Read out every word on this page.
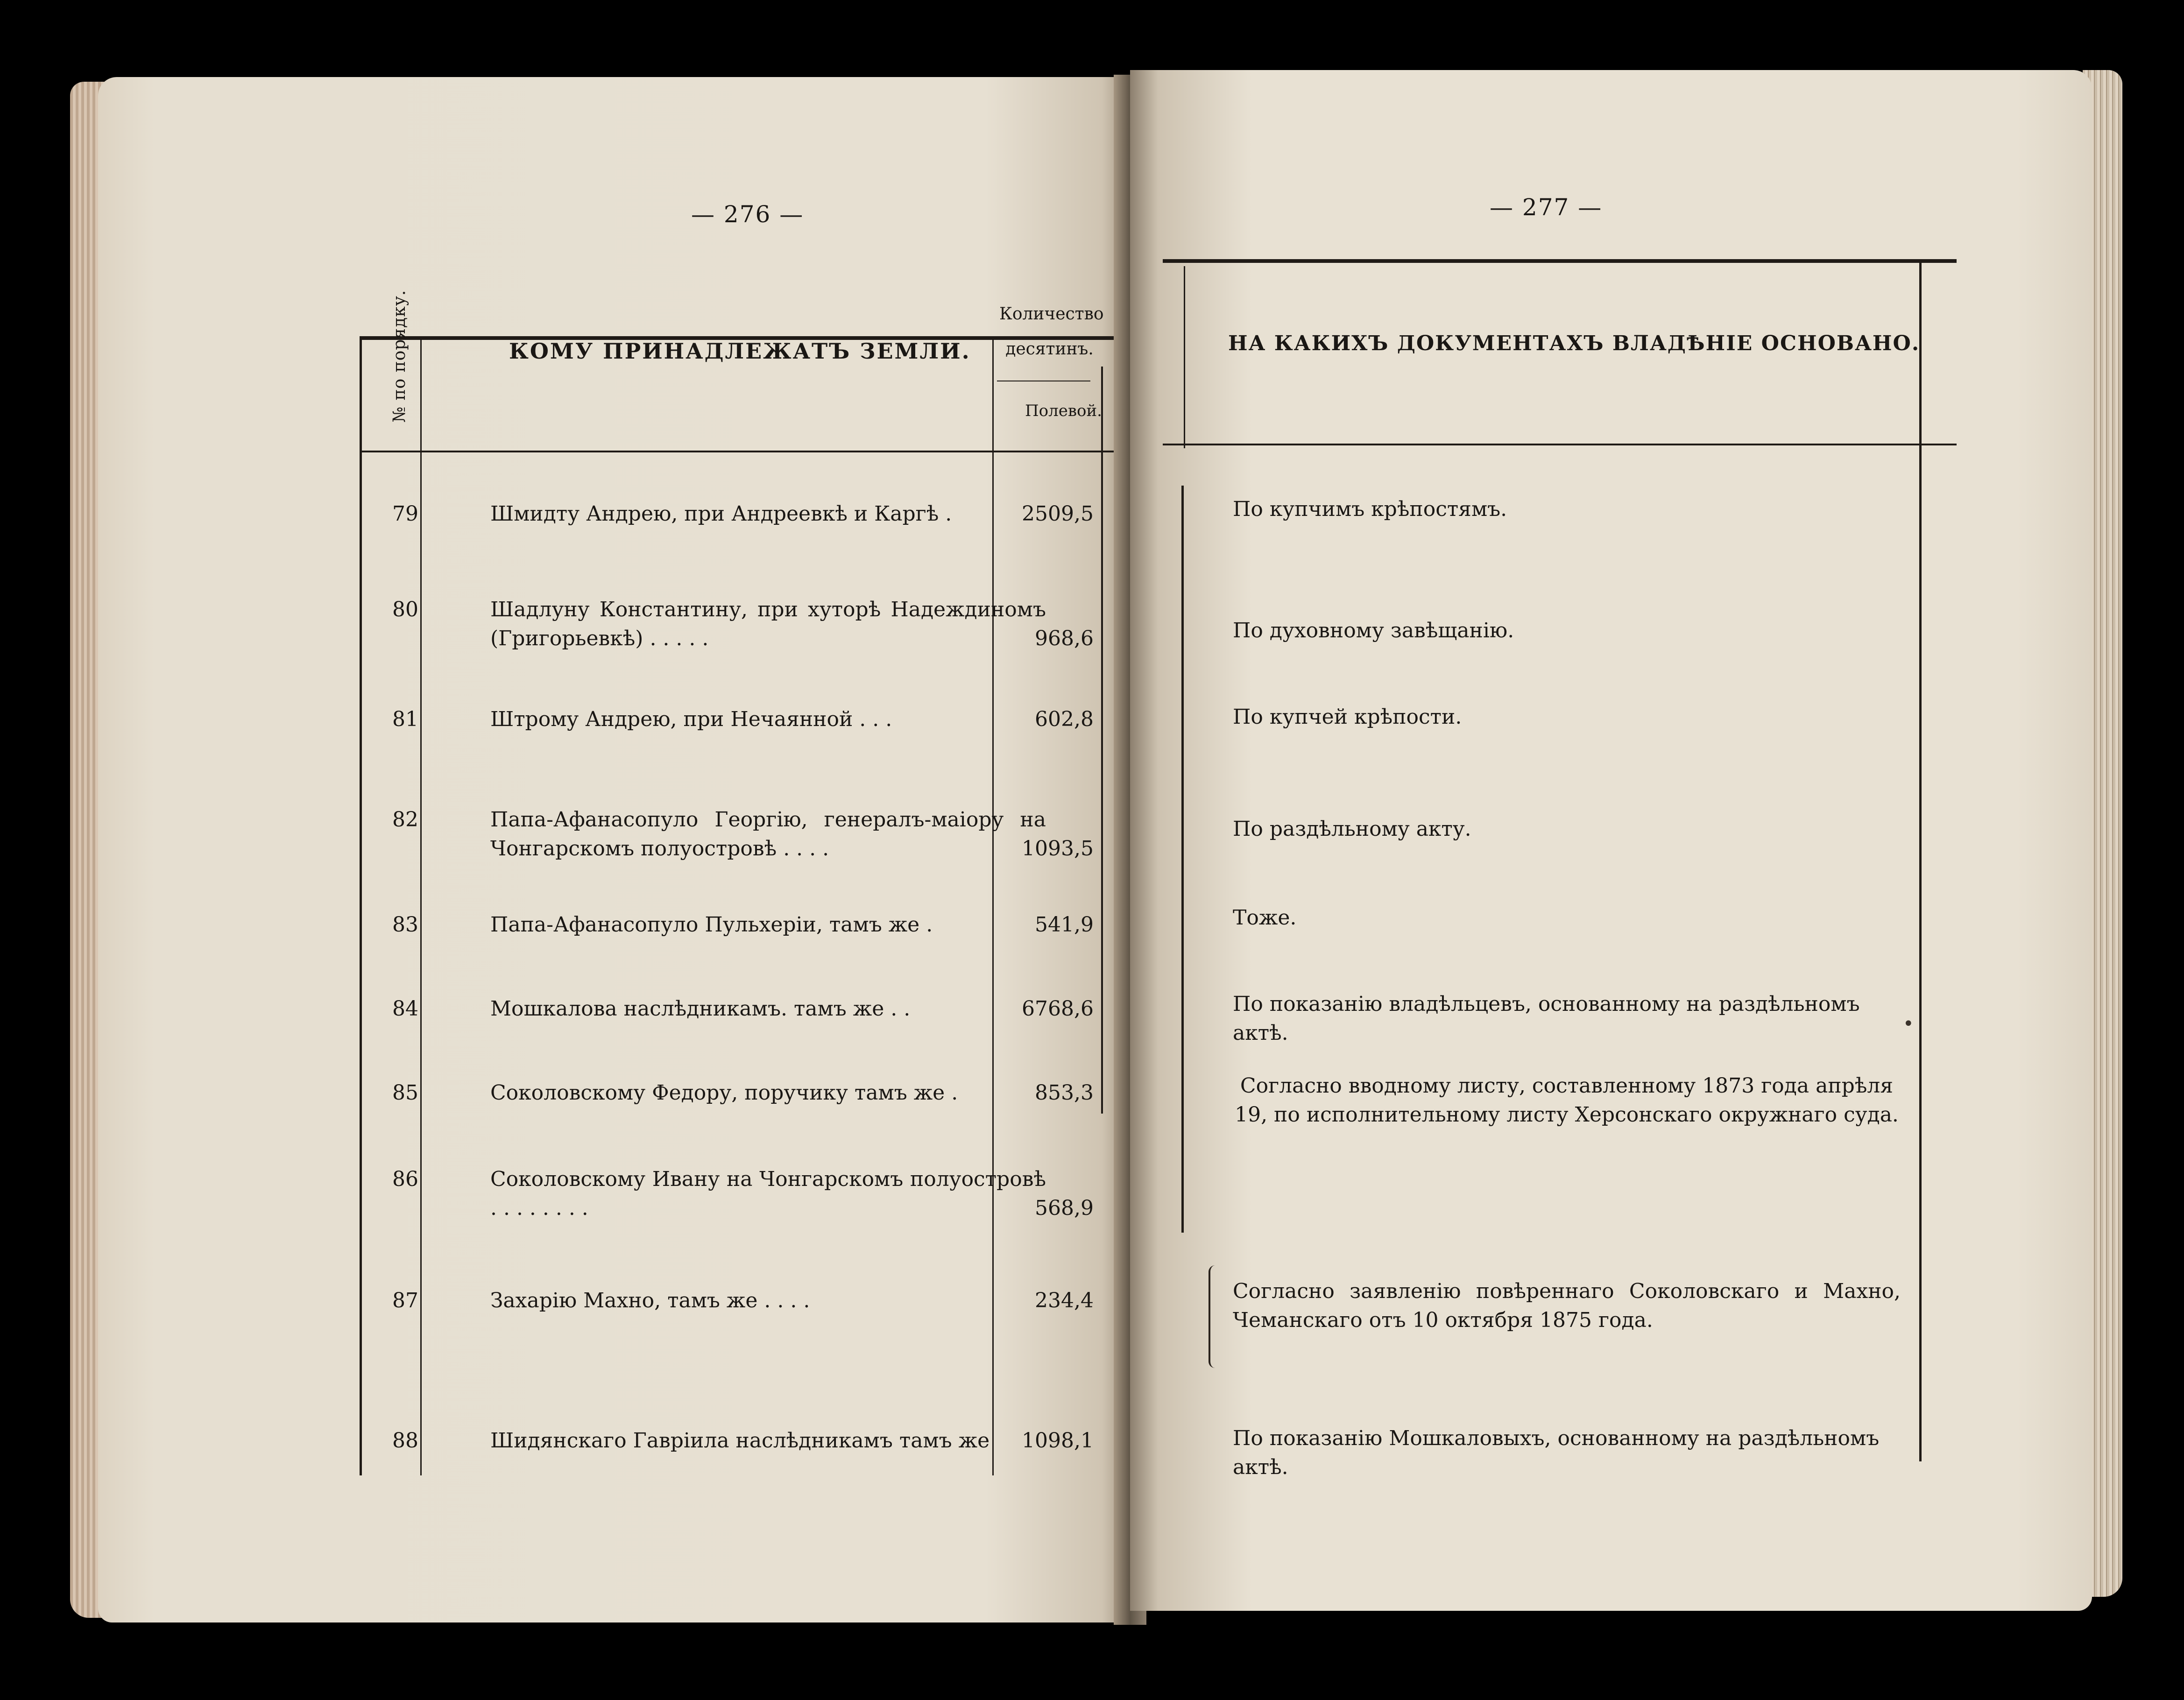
— 276 —
№ по порядку.	КОМУ ПРИНАДЛЕЖАТЪ ЗЕМЛИ.
Количество десятинъ.
Полевой.
79	Шмидту Андрею, при Андреевкѣ и Каргѣ .	2509,5
80	Шадлуну Константину, при хуторѣ Надеждиномъ (Григорьевкѣ) . . . . .	968,6
81	Штрому Андрею, при Нечаянной . . .	602,8
82	Папа-Афанасопуло Георгію, генералъ-маіору на Чонгарскомъ полуостровѣ . . . .	1093,5
83	Папа-Афанасопуло Пульхеріи, тамъ же .	541,9
84	Мошкалова наслѣдникамъ. тамъ же . .	6768,6
85	Соколовскому Федору, поручику тамъ же .	853,3
86	Соколовскому Ивану на Чонгарскомъ полуостровѣ . . . . . . . .	568,9
87	Захарію Махно, тамъ же . . . .	234,4
88	Шидянскаго Гавріила наслѣдникамъ тамъ же	1098,1
— 277 —
НА КАКИХЪ ДОКУМЕНТАХЪ ВЛАДѢНІЕ ОСНОВАНО.
По купчимъ крѣпостямъ.
По духовному завѣщанію.
По купчей крѣпости.
По раздѣльному акту.
Тоже.
По показанію владѣльцевъ, основанному на раздѣльномъ актѣ.
Согласно вводному листу, составленному 1873 года апрѣля 19, по исполнительному листу Херсонскаго окружнаго суда.
Согласно заявленію повѣреннаго Соколовскаго и Махно, Чеманскаго отъ 10 октября 1875 года.
По показанію Мошкаловыхъ, основанному на раздѣльномъ актѣ.
•
